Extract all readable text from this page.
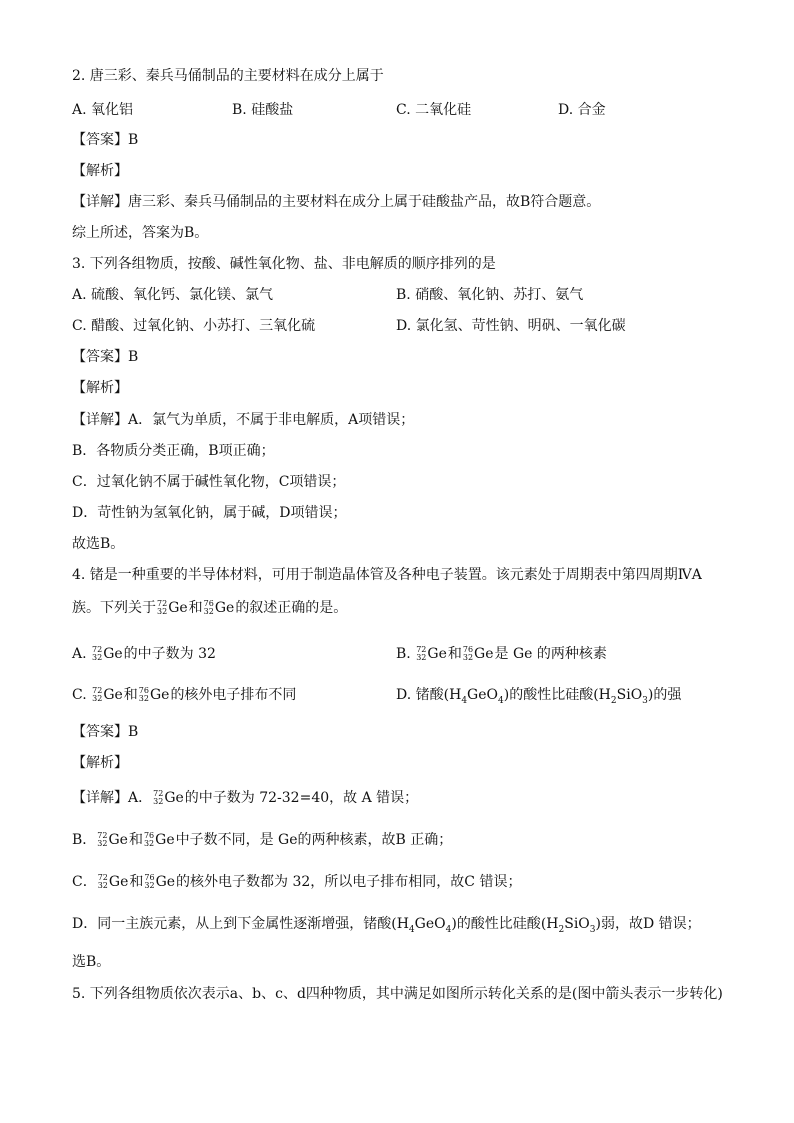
2. 唐三彩、秦兵马俑制品的主要材料在成分上属于
A. 氧化铝	B. 硅酸盐	C. 二氧化硅	D. 合金
【答案】B
【解析】
【详解】唐三彩、秦兵马俑制品的主要材料在成分上属于硅酸盐产品，故B符合题意。
综上所述，答案为B。
3. 下列各组物质，按酸、碱性氧化物、盐、非电解质的顺序排列的是
A. 硫酸、氧化钙、氯化镁、氯气	B. 硝酸、氧化钠、苏打、氨气
C. 醋酸、过氧化钠、小苏打、三氧化硫	D. 氯化氢、苛性钠、明矾、一氧化碳
【答案】B
【解析】
【详解】A．氯气为单质，不属于非电解质，A项错误；
B．各物质分类正确，B项正确；
C．过氧化钠不属于碱性氧化物，C项错误；
D．苛性钠为氢氧化钠，属于碱，D项错误；
故选B。
4. 锗是一种重要的半导体材料，可用于制造晶体管及各种电子装置。该元素处于周期表中第四周期ⅣA
族。下列关于 72
32 Ge 和 76
32 Ge 的叙述正确的是。
A. 72
32 Ge 的中子数为 32	B. 72
32 Ge 和 76
32 Ge 是 Ge 的两种核素
C. 72
32 Ge 和 76
32 Ge 的核外电子排布不同	D. 锗酸$(H_4GeO_4)$的酸性比硅酸$(H_2SiO_3)$的强
【答案】B
【解析】
【详解】A． 72
32 Ge 的中子数为 72-32=40，故 A 错误；
B． 72
32 Ge 和 76
32 Ge 中子数不同，是 Ge的两种核素，故B 正确；
C． 72
32 Ge 和 76
32 Ge 的核外电子数都为 32，所以电子排布相同，故C 错误；
D．同一主族元素，从上到下金属性逐渐增强，锗酸$(H_4GeO_4)$的酸性比硅酸$(H_2SiO_3)$弱，故D 错误；
选B。
5. 下列各组物质依次表示a、b、c、d四种物质，其中满足如图所示转化关系的是(图中箭头表示一步转化)
